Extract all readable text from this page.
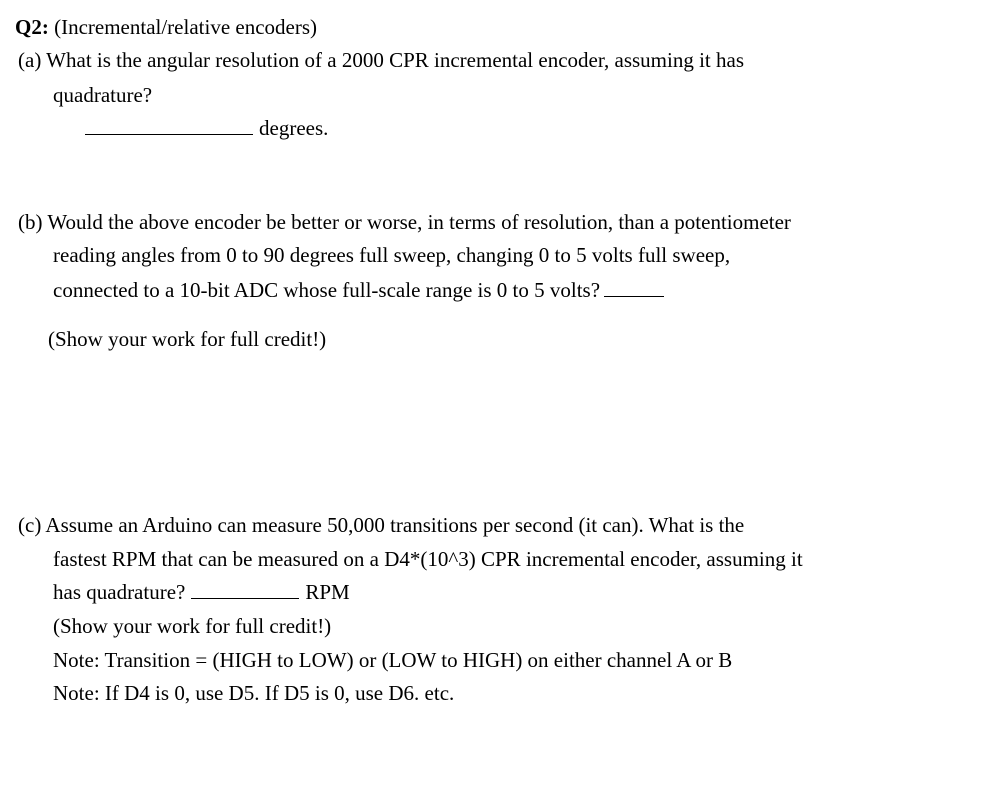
Q2: (Incremental/relative encoders)
(a) What is the angular resolution of a 2000 CPR incremental encoder, assuming it has
quadrature?
degrees.
(b) Would the above encoder be better or worse, in terms of resolution, than a potentiometer
reading angles from 0 to 90 degrees full sweep, changing 0 to 5 volts full sweep,
connected to a 10-bit ADC whose full-scale range is 0 to 5 volts?
(Show your work for full credit!)
(c) Assume an Arduino can measure 50,000 transitions per second (it can). What is the
fastest RPM that can be measured on a D4*(10^3) CPR incremental encoder, assuming it
has quadrature?	RPM
(Show your work for full credit!)
Note: Transition = (HIGH to LOW) or (LOW to HIGH) on either channel A or B
Note: If D4 is 0, use D5. If D5 is 0, use D6. etc.
